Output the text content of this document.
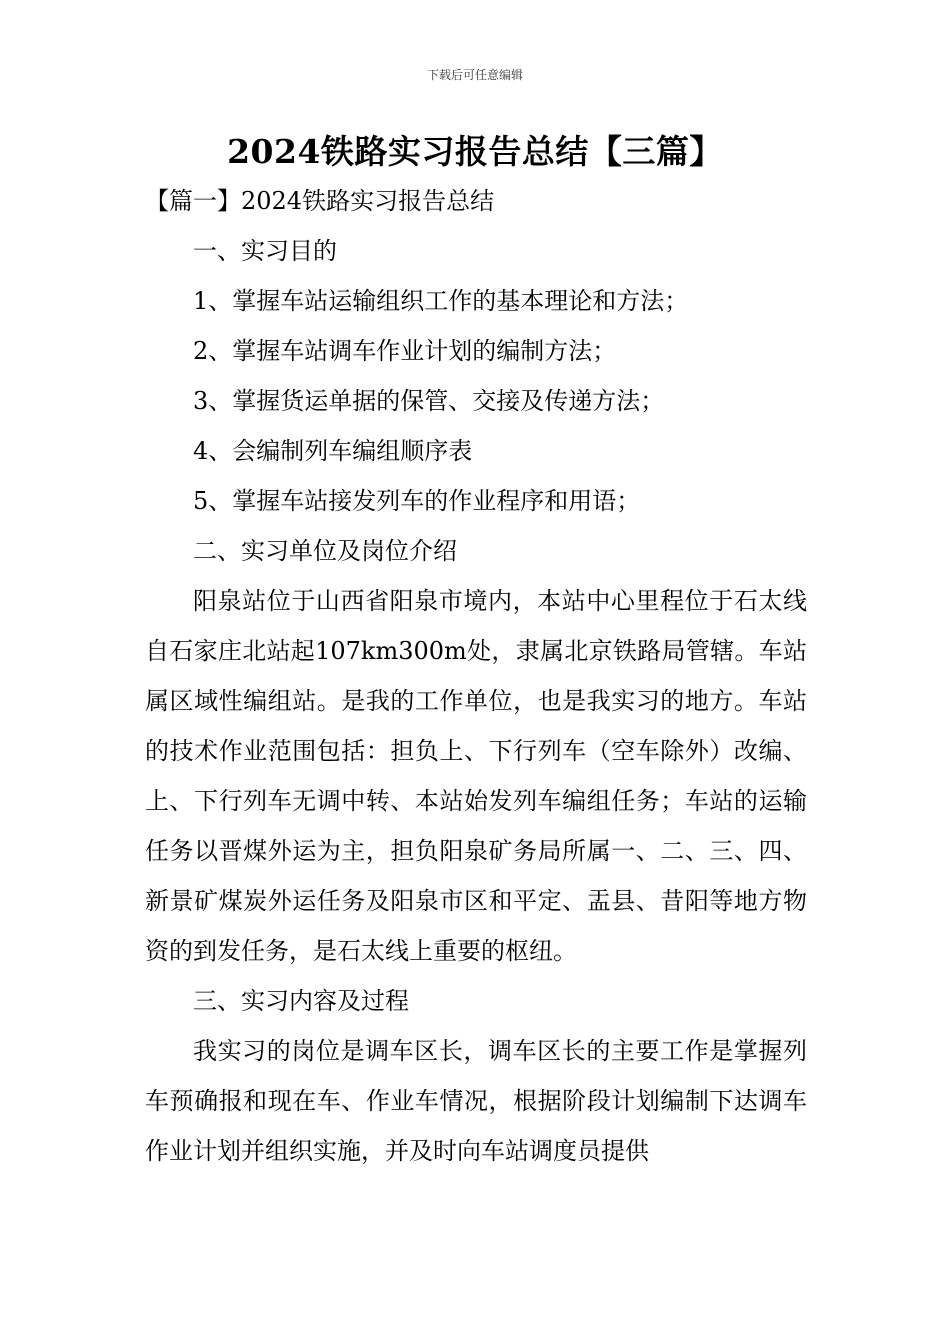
下载后可任意编辑
2024铁路实习报告总结【三篇】

【篇一】2024铁路实习报告总结

一、实习目的

1、掌握车站运输组织工作的基本理论和方法；

2、掌握车站调车作业计划的编制方法；

3、掌握货运单据的保管、交接及传递方法；

4、会编制列车编组顺序表

5、掌握车站接发列车的作业程序和用语；

二、实习单位及岗位介绍

阳泉站位于山西省阳泉市境内，本站中心里程位于石太线自石家庄北站起107km300m处，隶属北京铁路局管辖。车站属区域性编组站。是我的工作单位，也是我实习的地方。车站的技术作业范围包括：担负上、下行列车（空车除外）改编、上、下行列车无调中转、本站始发列车编组任务；车站的运输任务以晋煤外运为主，担负阳泉矿务局所属一、二、三、四、新景矿煤炭外运任务及阳泉市区和平定、盂县、昔阳等地方物资的到发任务，是石太线上重要的枢纽。

三、实习内容及过程

我实习的岗位是调车区长，调车区长的主要工作是掌握列车预确报和现在车、作业车情况，根据阶段计划编制下达调车作业计划并组织实施，并及时向车站调度员提供
